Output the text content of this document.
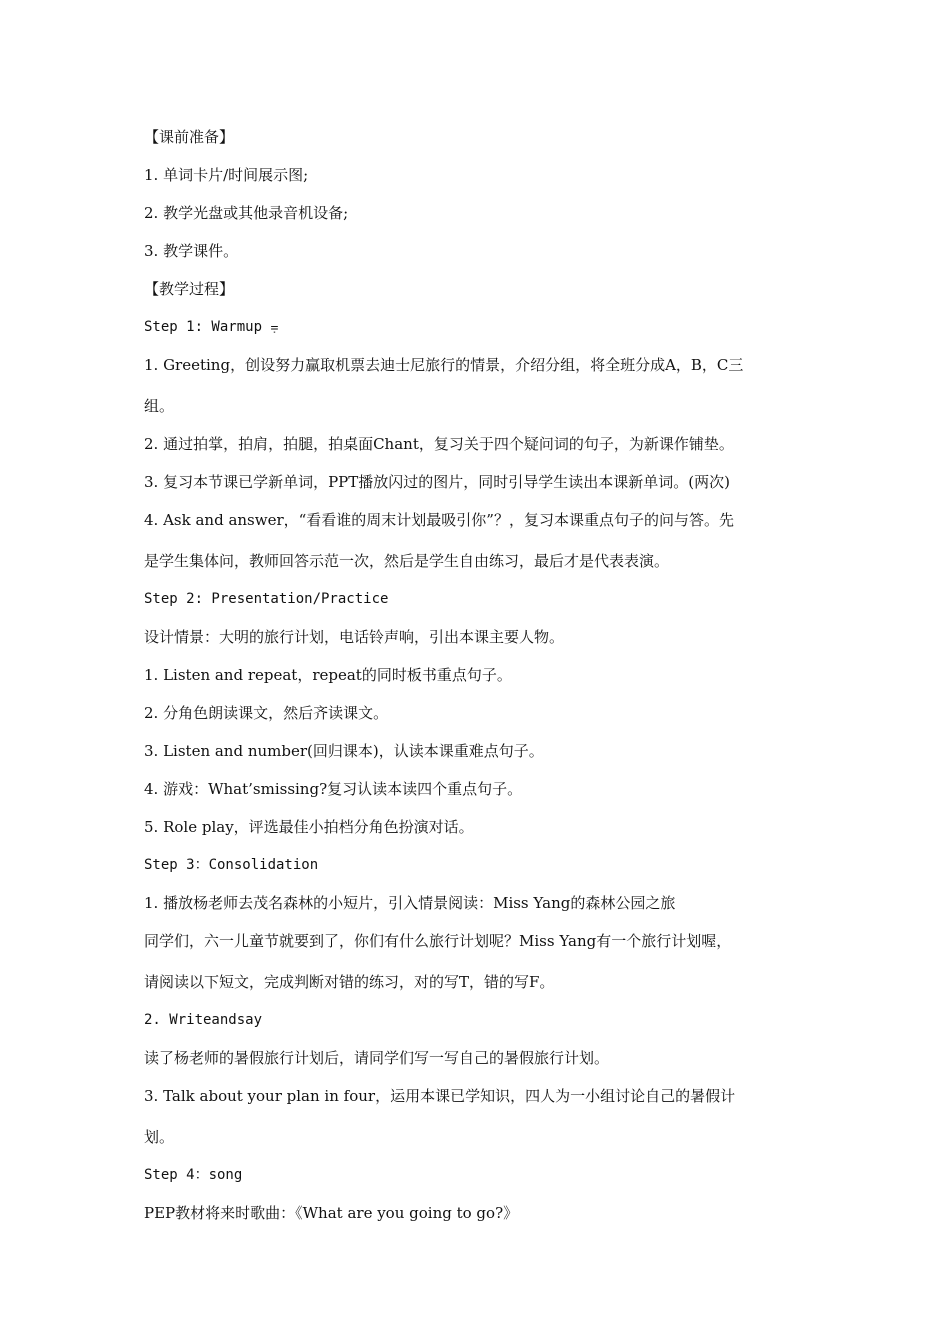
【课前准备】
1. 单词卡片/时间展示图;
2. 教学光盘或其他录音机设备;
3. 教学课件。
【教学过程】
Step 1: Warmup ⩦
1. Greeting，创设努力赢取机票去迪士尼旅行的情景，介绍分组，将全班分成A，B，C三
组。
2. 通过拍掌，拍肩，拍腿，拍桌面Chant，复习关于四个疑问词的句子，为新课作铺垫。
3. 复习本节课已学新单词，PPT播放闪过的图片，同时引导学生读出本课新单词。(两次)
4. Ask and answer，“看看谁的周末计划最吸引你”？，复习本课重点句子的问与答。先
是学生集体问，教师回答示范一次，然后是学生自由练习，最后才是代表表演。
Step 2: Presentation/Practice
设计情景：大明的旅行计划，电话铃声响，引出本课主要人物。
1. Listen and repeat，repeat的同时板书重点句子。
2. 分角色朗读课文，然后齐读课文。
3. Listen and number(回归课本)，认读本课重难点句子。
4. 游戏：What’smissing?复习认读本读四个重点句子。
5. Role play，评选最佳小拍档分角色扮演对话。
Step 3：Consolidation
1. 播放杨老师去茂名森林的小短片，引入情景阅读：Miss Yang的森林公园之旅
同学们，六一儿童节就要到了，你们有什么旅行计划呢？Miss Yang有一个旅行计划喔，
请阅读以下短文，完成判断对错的练习，对的写T，错的写F。
2. Writeandsay
读了杨老师的暑假旅行计划后，请同学们写一写自己的暑假旅行计划。
3. Talk about your plan in four，运用本课已学知识，四人为一小组讨论自己的暑假计
划。
Step 4：song
PEP教材将来时歌曲：《What are you going to go?》
